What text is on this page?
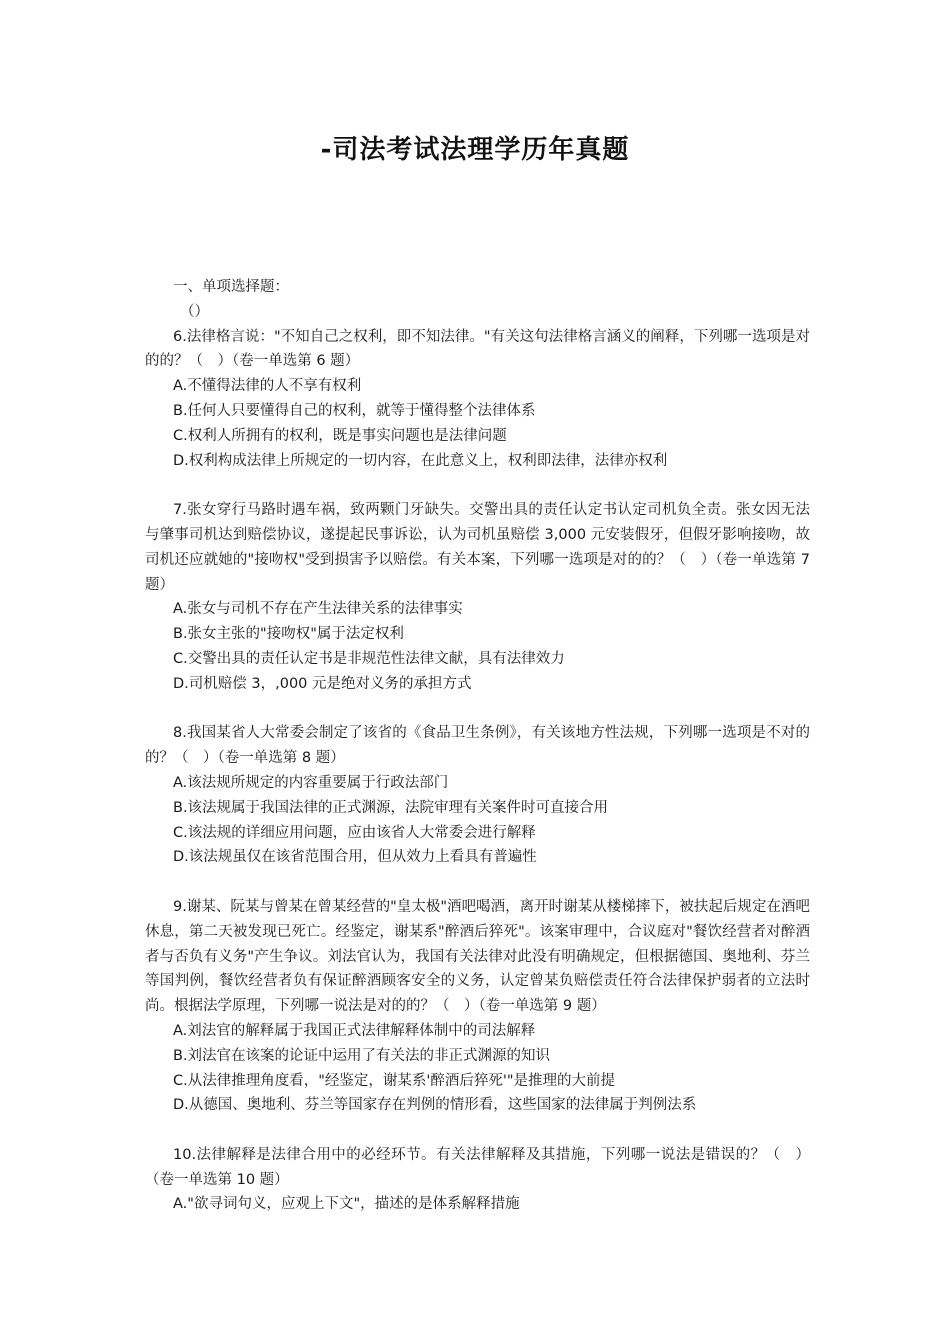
-司法考试法理学历年真题
一、单项选择题：
（）
6.法律格言说："不知自己之权利，即不知法律。"有关这句法律格言涵义的阐释，下列哪一选项是对的的？（　）（卷一单选第 6 题）
A.不懂得法律的人不享有权利
B.任何人只要懂得自己的权利，就等于懂得整个法律体系
C.权利人所拥有的权利，既是事实问题也是法律问题
D.权利构成法律上所规定的一切内容，在此意义上，权利即法律，法律亦权利
7.张女穿行马路时遇车祸，致两颗门牙缺失。交警出具的责任认定书认定司机负全责。张女因无法与肇事司机达到赔偿协议，遂提起民事诉讼，认为司机虽赔偿 3,000 元安装假牙，但假牙影响接吻，故司机还应就她的"接吻权"受到损害予以赔偿。有关本案，下列哪一选项是对的的？（　）（卷一单选第 7 题）
A.张女与司机不存在产生法律关系的法律事实
B.张女主张的"接吻权"属于法定权利
C.交警出具的责任认定书是非规范性法律文献，具有法律效力
D.司机赔偿 3，,000 元是绝对义务的承担方式
8.我国某省人大常委会制定了该省的《食品卫生条例》，有关该地方性法规，下列哪一选项是不对的的？（　）（卷一单选第 8 题）
A.该法规所规定的内容重要属于行政法部门
B.该法规属于我国法律的正式渊源，法院审理有关案件时可直接合用
C.该法规的详细应用问题，应由该省人大常委会进行解释
D.该法规虽仅在该省范围合用，但从效力上看具有普遍性
9.谢某、阮某与曾某在曾某经营的"皇太极"酒吧喝酒，离开时谢某从楼梯摔下，被扶起后规定在酒吧休息，第二天被发现已死亡。经鉴定，谢某系"醉酒后猝死"。该案审理中，合议庭对"餐饮经营者对醉酒者与否负有义务"产生争议。刘法官认为，我国有关法律对此没有明确规定，但根据德国、奥地利、芬兰等国判例，餐饮经营者负有保证醉酒顾客安全的义务，认定曾某负赔偿责任符合法律保护弱者的立法时尚。根据法学原理，下列哪一说法是对的的？（　）（卷一单选第 9 题）
A.刘法官的解释属于我国正式法律解释体制中的司法解释
B.刘法官在该案的论证中运用了有关法的非正式渊源的知识
C.从法律推理角度看，"经鉴定，谢某系'醉酒后猝死'"是推理的大前提
D.从德国、奥地利、芬兰等国家存在判例的情形看，这些国家的法律属于判例法系
10.法律解释是法律合用中的必经环节。有关法律解释及其措施，下列哪一说法是错误的？（　）（卷一单选第 10 题）
A."欲寻词句义，应观上下文"，描述的是体系解释措施
